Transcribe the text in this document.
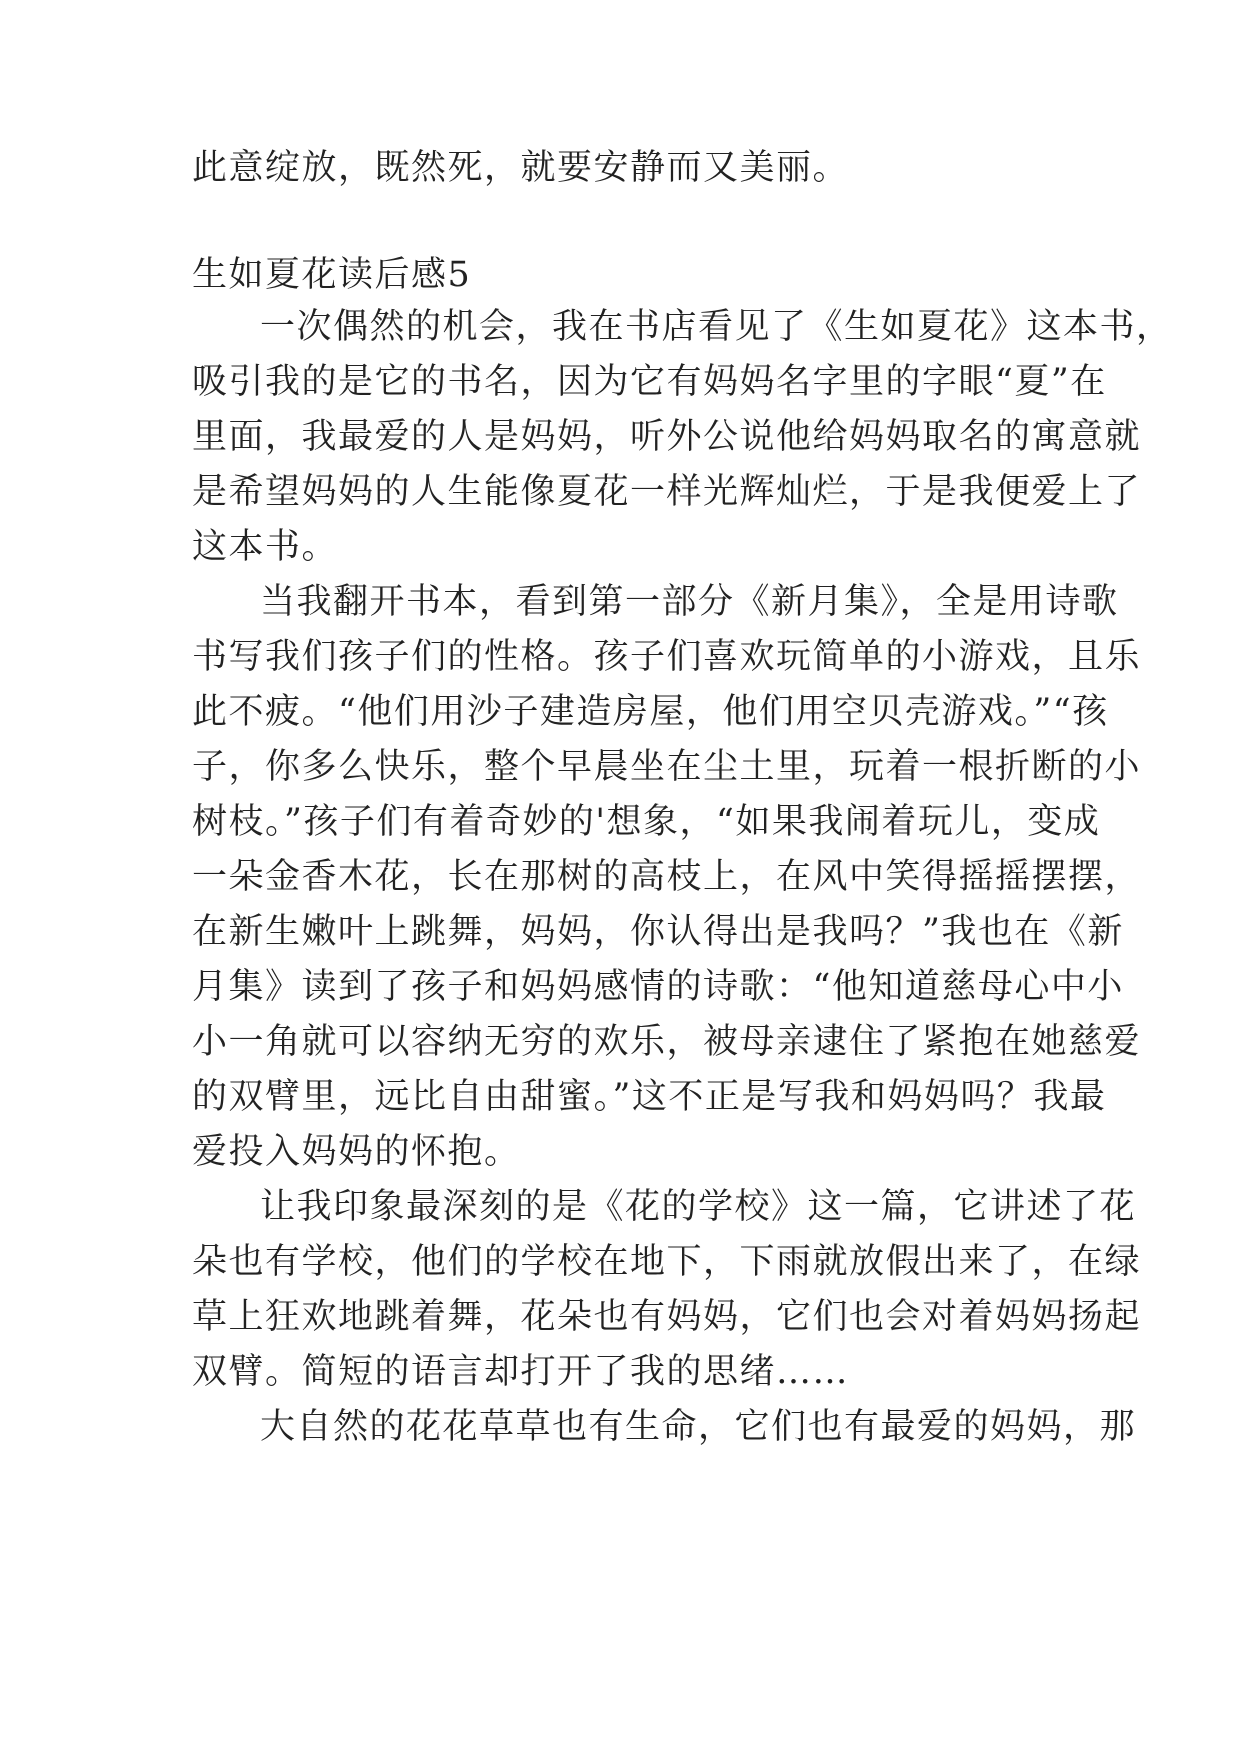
此意绽放，既然死，就要安静而又美丽。
生如夏花读后感5
一次偶然的机会，我在书店看见了《生如夏花》这本书，
吸引我的是它的书名，因为它有妈妈名字里的字眼“夏”在
里面，我最爱的人是妈妈，听外公说他给妈妈取名的寓意就
是希望妈妈的人生能像夏花一样光辉灿烂，于是我便爱上了
这本书。
当我翻开书本，看到第一部分《新月集》，全是用诗歌
书写我们孩子们的性格。孩子们喜欢玩简单的小游戏，且乐
此不疲。“他们用沙子建造房屋，他们用空贝壳游戏。”“孩
子，你多么快乐，整个早晨坐在尘土里，玩着一根折断的小
树枝。”孩子们有着奇妙的'想象，“如果我闹着玩儿，变成
一朵金香木花，长在那树的高枝上，在风中笑得摇摇摆摆，
在新生嫩叶上跳舞，妈妈，你认得出是我吗？”我也在《新
月集》读到了孩子和妈妈感情的诗歌：“他知道慈母心中小
小一角就可以容纳无穷的欢乐，被母亲逮住了紧抱在她慈爱
的双臂里，远比自由甜蜜。”这不正是写我和妈妈吗？我最
爱投入妈妈的怀抱。
让我印象最深刻的是《花的学校》这一篇，它讲述了花
朵也有学校，他们的学校在地下，下雨就放假出来了，在绿
草上狂欢地跳着舞，花朵也有妈妈，它们也会对着妈妈扬起
双臂。简短的语言却打开了我的思绪……
大自然的花花草草也有生命，它们也有最爱的妈妈，那
